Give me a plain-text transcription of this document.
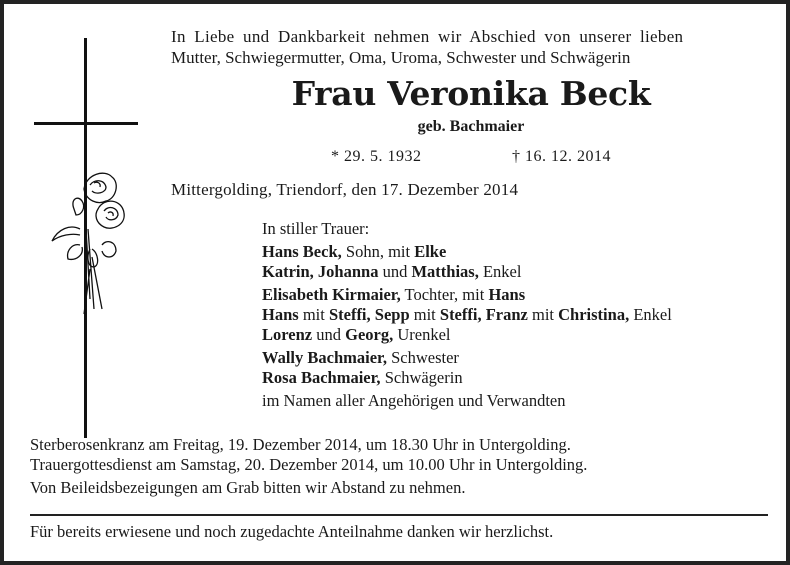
In Liebe und Dankbarkeit nehmen wir Abschied von unserer lieben
Mutter, Schwiegermutter, Oma, Uroma, Schwester und Schwägerin
Frau Veronika Beck
geb. Bachmaier
* 29. 5. 1932	† 16. 12. 2014
Mittergolding, Triendorf, den 17. Dezember 2014
In stiller Trauer:
Hans Beck, Sohn, mit Elke
Katrin, Johanna und Matthias, Enkel
Elisabeth Kirmaier, Tochter, mit Hans
Hans mit Steffi, Sepp mit Steffi, Franz mit Christina, Enkel
Lorenz und Georg, Urenkel
Wally Bachmaier, Schwester
Rosa Bachmaier, Schwägerin
im Namen aller Angehörigen und Verwandten
Sterberosenkranz am Freitag, 19. Dezember 2014, um 18.30 Uhr in Untergolding.
Trauergottesdienst am Samstag, 20. Dezember 2014, um 10.00 Uhr in Untergolding.
Von Beileidsbezeigungen am Grab bitten wir Abstand zu nehmen.
Für bereits erwiesene und noch zugedachte Anteilnahme danken wir herzlichst.
